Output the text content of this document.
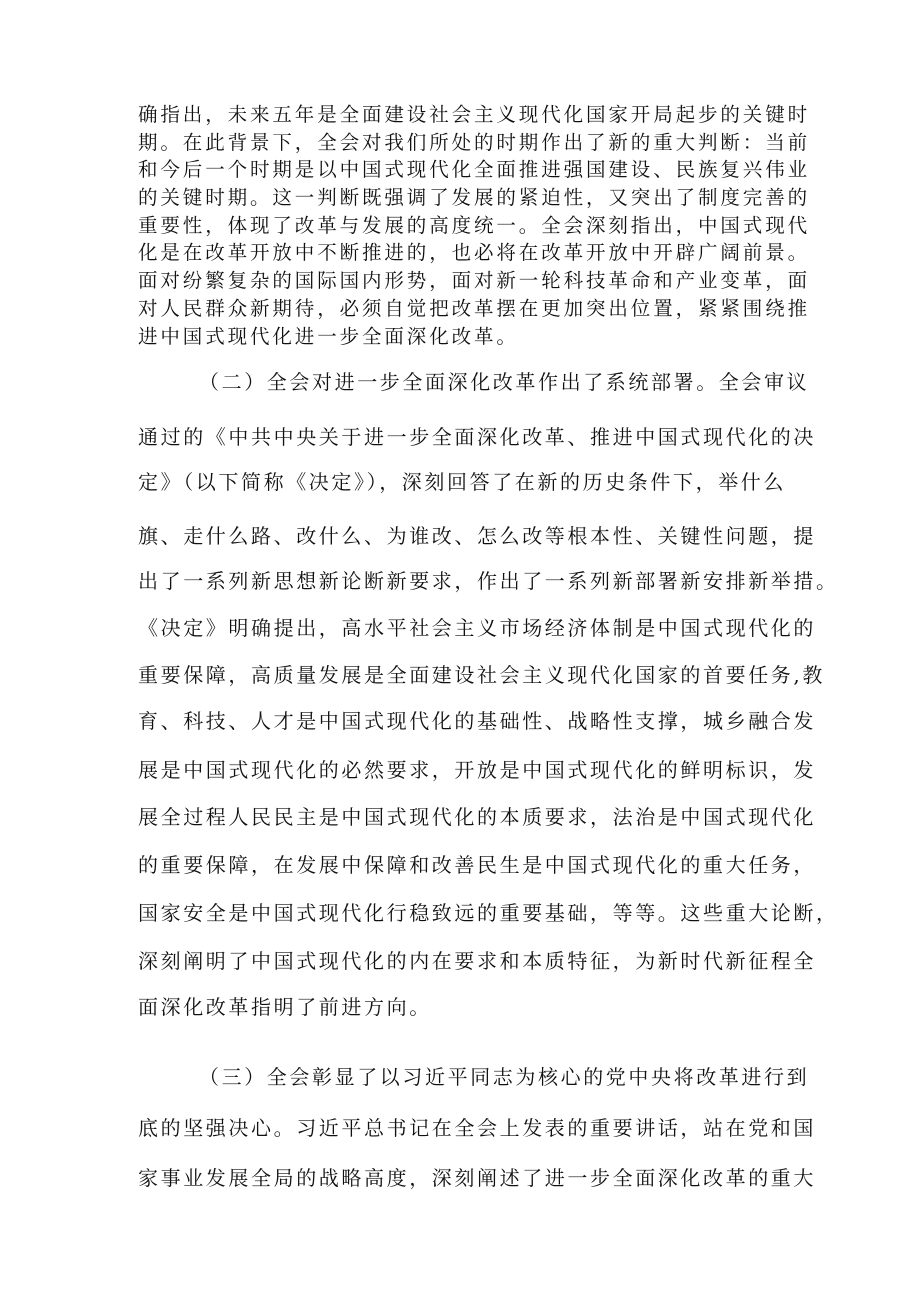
确指出，未来五年是全面建设社会主义现代化国家开局起步的关键时

期。在此背景下，全会对我们所处的时期作出了新的重大判断：当前

和今后一个时期是以中国式现代化全面推进强国建设、民族复兴伟业

的关键时期。这一判断既强调了发展的紧迫性，又突出了制度完善的

重要性，体现了改革与发展的高度统一。全会深刻指出，中国式现代

化是在改革开放中不断推进的，也必将在改革开放中开辟广阔前景。

面对纷繁复杂的国际国内形势，面对新一轮科技革命和产业变革，面

对人民群众新期待，必须自觉把改革摆在更加突出位置，紧紧围绕推

进中国式现代化进一步全面深化改革。

（二）全会对进一步全面深化改革作出了系统部署。全会审议

通过的《中共中央关于进一步全面深化改革、推进中国式现代化的决

定》（以下简称《决定》），深刻回答了在新的历史条件下，举什么

旗、走什么路、改什么、为谁改、怎么改等根本性、关键性问题，提

出了一系列新思想新论断新要求，作出了一系列新部署新安排新举措。

《决定》明确提出，高水平社会主义市场经济体制是中国式现代化的

重要保障，高质量发展是全面建设社会主义现代化国家的首要任务,教

育、科技、人才是中国式现代化的基础性、战略性支撑，城乡融合发

展是中国式现代化的必然要求，开放是中国式现代化的鲜明标识，发

展全过程人民民主是中国式现代化的本质要求，法治是中国式现代化

的重要保障，在发展中保障和改善民生是中国式现代化的重大任务，

国家安全是中国式现代化行稳致远的重要基础，等等。这些重大论断，

深刻阐明了中国式现代化的内在要求和本质特征，为新时代新征程全

面深化改革指明了前进方向。

（三）全会彰显了以习近平同志为核心的党中央将改革进行到

底的坚强决心。习近平总书记在全会上发表的重要讲话，站在党和国

家事业发展全局的战略高度，深刻阐述了进一步全面深化改革的重大
